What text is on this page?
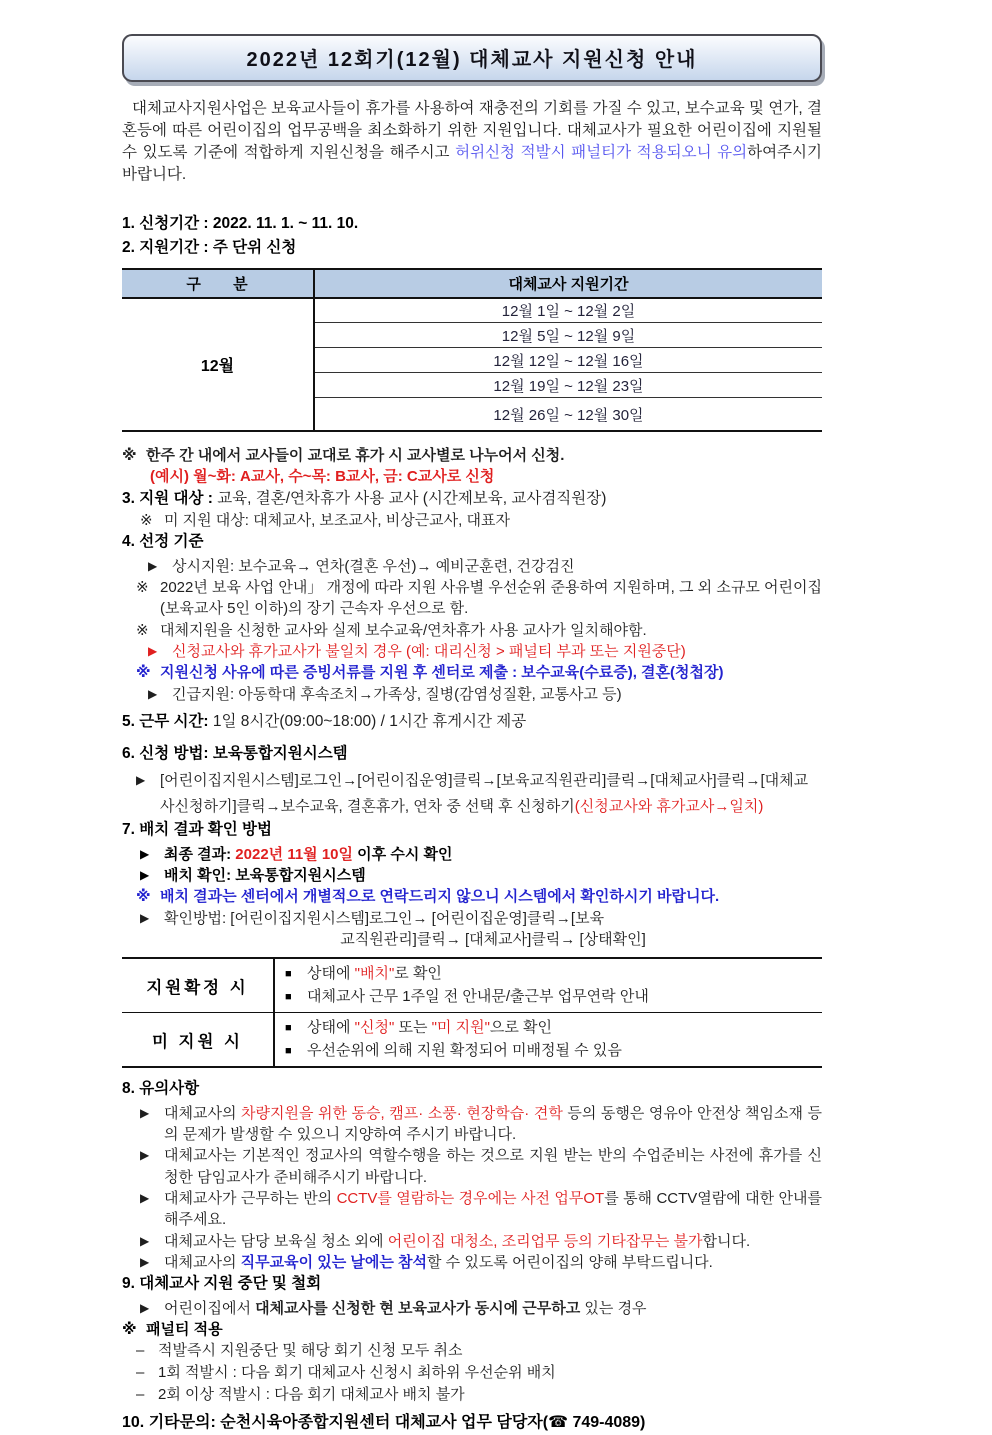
2022년 12회기(12월) 대체교사 지원신청 안내

대체교사지원사업은 보육교사들이 휴가를 사용하여 재충전의 기회를 가질 수 있고, 보수교육 및 연가, 결혼등에 따른 어린이집의 업무공백을 최소화하기 위한 지원입니다. 대체교사가 필요한 어린이집에 지원될 수 있도록 기준에 적합하게 지원신청을 해주시고 허위신청 적발시 패널티가 적용되오니 유의하여주시기바랍니다.

1. 신청기간 : 2022. 11. 1. ~ 11. 10.
2. 지원기간 : 주 단위 신청
구 분	대체교사 지원기간
12월	12월 1일 ~ 12월 2일
	12월 5일 ~ 12월 9일
	12월 12일 ~ 12월 16일
	12월 19일 ~ 12월 23일
	12월 26일 ~ 12월 30일
※ 한주 간 내에서 교사들이 교대로 휴가 시 교사별로 나누어서 신청.
(예시) 월~화: A교사, 수~목: B교사, 금: C교사로 신청
3. 지원 대상 : 교육, 결혼/연차휴가 사용 교사 (시간제보육, 교사겸직원장)
※ 미 지원 대상: 대체교사, 보조교사, 비상근교사, 대표자
4. 선정 기준
▶ 상시지원: 보수교육→ 연차(결혼 우선)→ 예비군훈련, 건강검진
※ 2022년 보육 사업 안내」 개정에 따라 지원 사유별 우선순위 준용하여 지원하며, 그 외 소규모 어린이집(보육교사 5인 이하)의 장기 근속자 우선으로 함.
※ 대체지원을 신청한 교사와 실제 보수교육/연차휴가 사용 교사가 일치해야함.
▶ 신청교사와 휴가교사가 불일치 경우 (예: 대리신청 > 패널티 부과 또는 지원중단)
※ 지원신청 사유에 따른 증빙서류를 지원 후 센터로 제출 : 보수교육(수료증), 결혼(청첩장)
▶ 긴급지원: 아동학대 후속조치→가족상, 질병(감염성질환, 교통사고 등)
5. 근무 시간: 1일 8시간(09:00~18:00) / 1시간 휴게시간 제공
6. 신청 방법: 보육통합지원시스템
▶ [어린이집지원시스템]로그인→[어린이집운영]클릭→[보육교직원관리]클릭→[대체교사]클릭→[대체교사신청하기]클릭→보수교육, 결혼휴가, 연차 중 선택 후 신청하기(신청교사와 휴가교사→일치)
7. 배치 결과 확인 방법
▶ 최종 결과: 2022년 11월 10일 이후 수시 확인
▶ 배치 확인: 보육통합지원시스템
※ 배치 결과는 센터에서 개별적으로 연락드리지 않으니 시스템에서 확인하시기 바랍니다.
▶ 확인방법: [어린이집지원시스템]로그인→ [어린이집운영]클릭→[보육
교직원관리]클릭→ [대체교사]클릭→ [상태확인]
지원확정 시	■ 상태에 "배치"로 확인
■ 대체교사 근무 1주일 전 안내문/출근부 업무연락 안내

미 지원 시	■ 상태에 "신청" 또는 "미 지원"으로 확인
■ 우선순위에 의해 지원 확정되어 미배정될 수 있음
8. 유의사항
▶ 대체교사의 차량지원을 위한 동승, 캠프· 소풍· 현장학습· 견학 등의 동행은 영유아 안전상 책임소재 등의 문제가 발생할 수 있으니 지양하여 주시기 바랍니다.
▶ 대체교사는 기본적인 정교사의 역할수행을 하는 것으로 지원 받는 반의 수업준비는 사전에 휴가를 신청한 담임교사가 준비해주시기 바랍니다.
▶ 대체교사가 근무하는 반의 CCTV를 열람하는 경우에는 사전 업무OT를 통해 CCTV열람에 대한 안내를 해주세요.
▶ 대체교사는 담당 보육실 청소 외에 어린이집 대청소, 조리업무 등의 기타잡무는 불가합니다.
▶ 대체교사의 직무교육이 있는 날에는 참석할 수 있도록 어린이집의 양해 부탁드립니다.
9. 대체교사 지원 중단 및 철회
▶ 어린이집에서 대체교사를 신청한 현 보육교사가 동시에 근무하고 있는 경우
※ 패널티 적용
– 적발즉시 지원중단 및 해당 회기 신청 모두 취소
– 1회 적발시 : 다음 회기 대체교사 신청시 최하위 우선순위 배치
– 2회 이상 적발시 : 다음 회기 대체교사 배치 불가
10. 기타문의: 순천시육아종합지원센터 대체교사 업무 담당자(☎ 749-4089)
